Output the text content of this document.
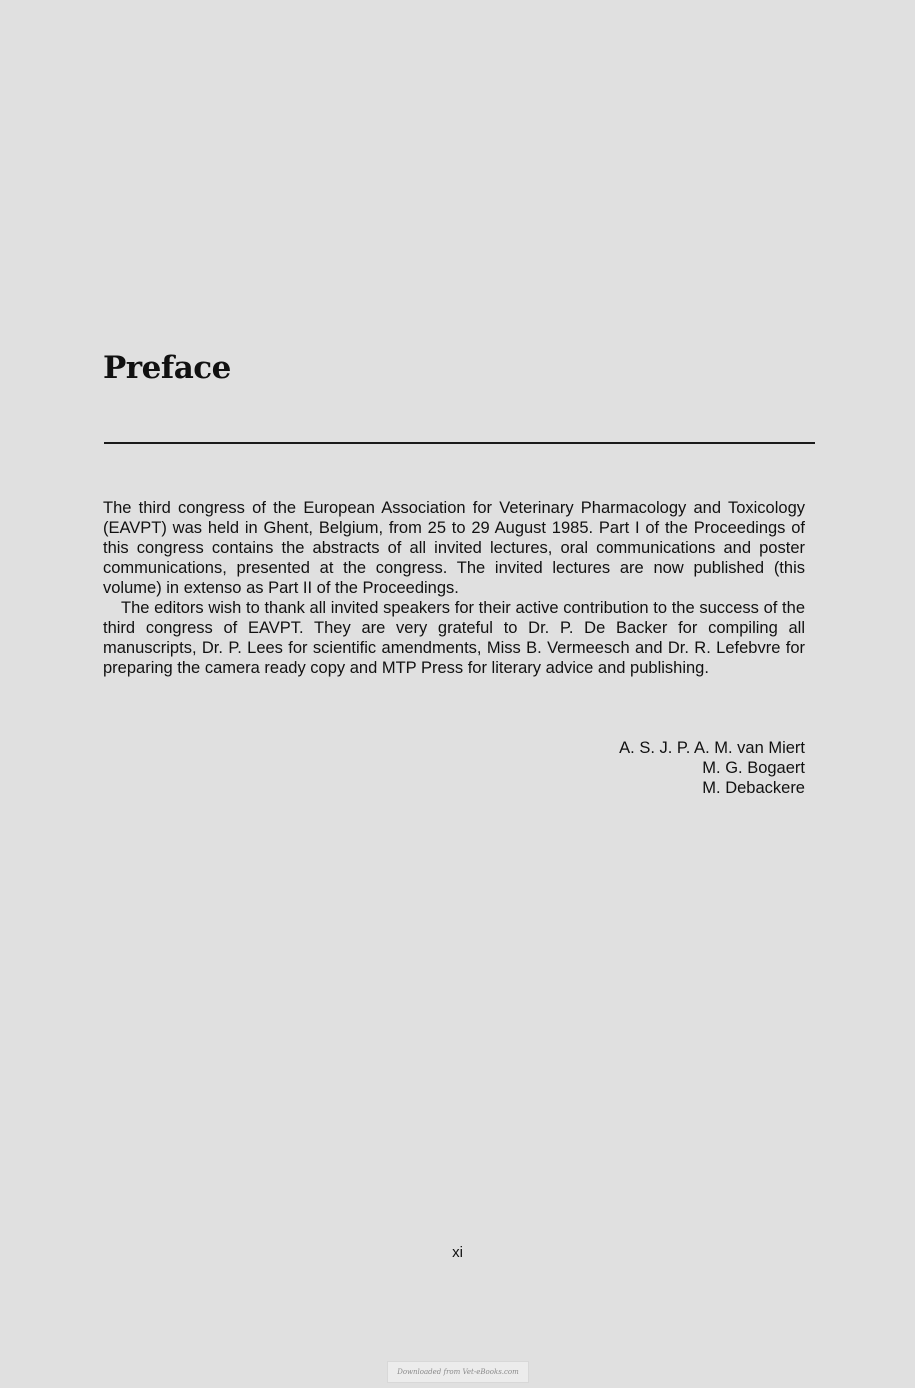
Preface

The third congress of the European Association for Veterinary Pharmacology and Toxicology (EAVPT) was held in Ghent, Belgium, from 25 to 29 August 1985. Part I of the Proceedings of this congress contains the abstracts of all invited lectures, oral communications and poster communications, presented at the congress. The invited lectures are now published (this volume) in extenso as Part II of the Proceedings.

The editors wish to thank all invited speakers for their active contribution to the success of the third congress of EAVPT. They are very grateful to Dr. P. De Backer for compiling all manuscripts, Dr. P. Lees for scientific amendments, Miss B. Vermeesch and Dr. R. Lefebvre for preparing the camera ready copy and MTP Press for literary advice and publishing.

A. S. J. P. A. M. van Miert
M. G. Bogaert
M. Debackere
xi
Downloaded from Vet-eBooks.com
